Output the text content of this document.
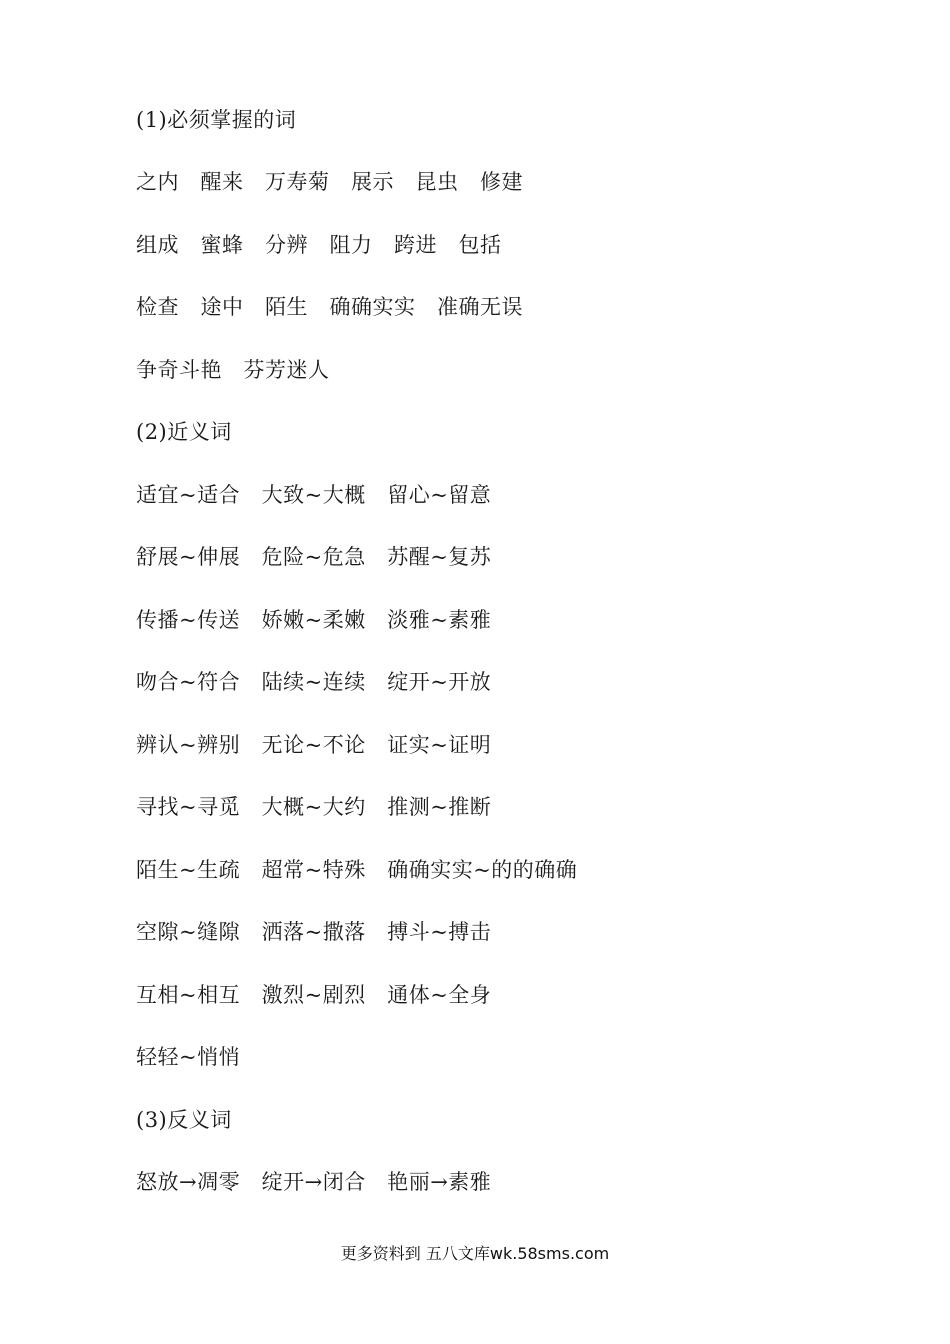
(1)必须掌握的词
之内　醒来　万寿菊　展示　昆虫　修建
组成　蜜蜂　分辨　阻力　跨进　包括
检查　途中　陌生　确确实实　准确无误
争奇斗艳　芬芳迷人
(2)近义词
适宜~适合　大致~大概　留心~留意
舒展~伸展　危险~危急　苏醒~复苏
传播~传送　娇嫩~柔嫩　淡雅~素雅
吻合~符合　陆续~连续　绽开~开放
辨认~辨别　无论~不论　证实~证明
寻找~寻觅　大概~大约　推测~推断
陌生~生疏　超常~特殊　确确实实~的的确确
空隙~缝隙　洒落~撒落　搏斗~搏击
互相~相互　激烈~剧烈　通体~全身
轻轻~悄悄
(3)反义词
怒放→凋零　绽开→闭合　艳丽→素雅
更多资料到 五八文库wk.58sms.com
